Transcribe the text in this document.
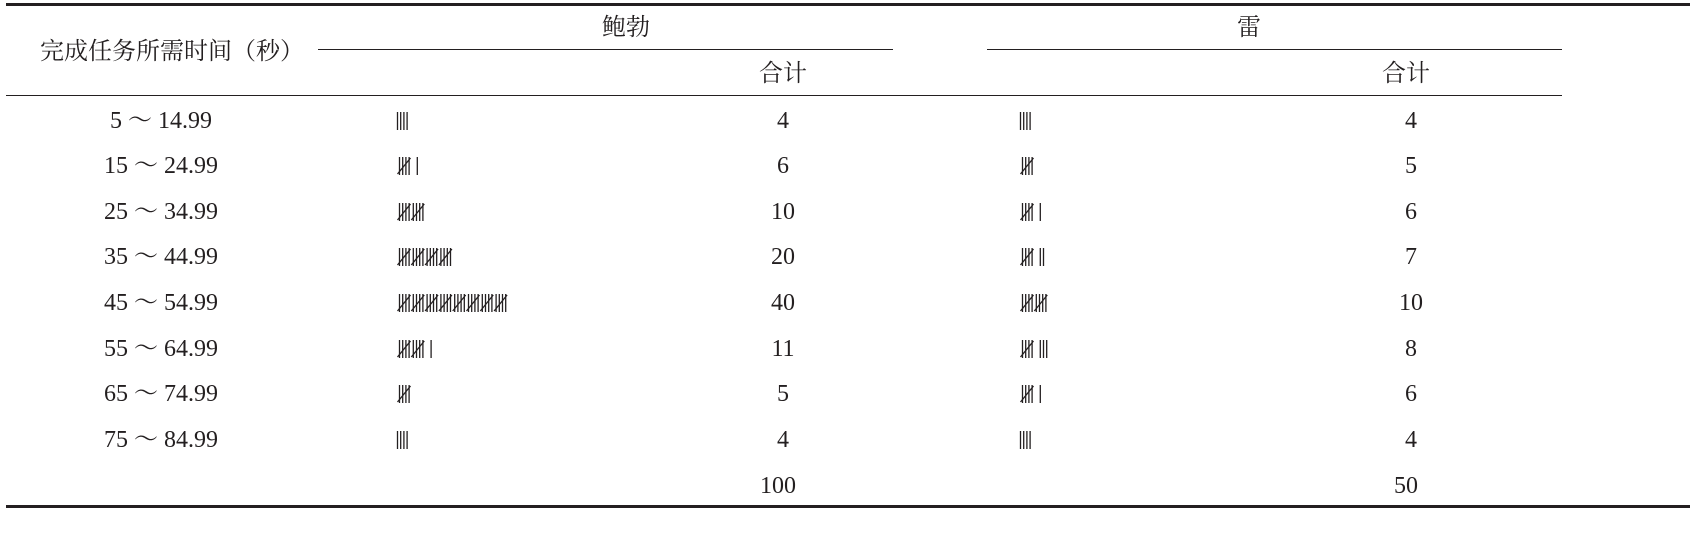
完成任务所需时间（秒）
鲍勃	雷
合计	合计
5 ～ 14.99	4	4
15 ～ 24.99	6	5
25 ～ 34.99	10	6
35 ～ 44.99	20	7
45 ～ 54.99	40	10
55 ～ 64.99	11	8
65 ～ 74.99	5	6
75 ～ 84.99	4	4
100	50
